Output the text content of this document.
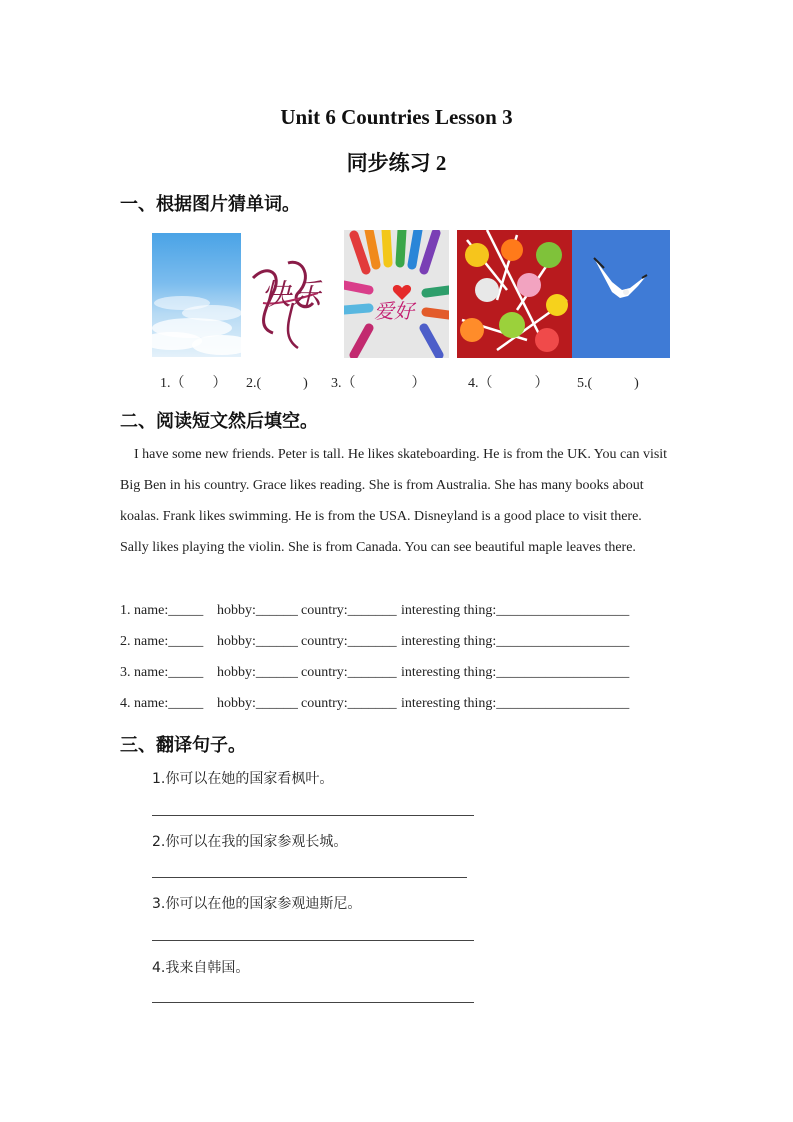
Unit 6 Countries Lesson 3
同步练习 2
一、根据图片猜单词。
快乐	爱好
1.（　　） 2.(　　　) 3.（　　　　）	4.（　　　） 5.(　　　)
二、阅读短文然后填空。
I have some new friends. Peter is tall. He likes skateboarding. He is from the UK. You can visit
Big Ben in his country. Grace likes reading. She is from Australia. She has many books about
koalas. Frank likes swimming. He is from the USA. Disneyland is a good place to visit there.
Sally likes playing the violin. She is from Canada. You can see beautiful maple leaves there.
1. name:_____ hobby:______ country:_______ interesting thing:___________________
2. name:_____ hobby:______ country:_______ interesting thing:___________________
3. name:_____ hobby:______ country:_______ interesting thing:___________________
4. name:_____ hobby:______ country:_______ interesting thing:___________________
三、翻译句子。
1.你可以在她的国家看枫叶。
2.你可以在我的国家参观长城。
3.你可以在他的国家参观迪斯尼。
4.我来自韩国。
